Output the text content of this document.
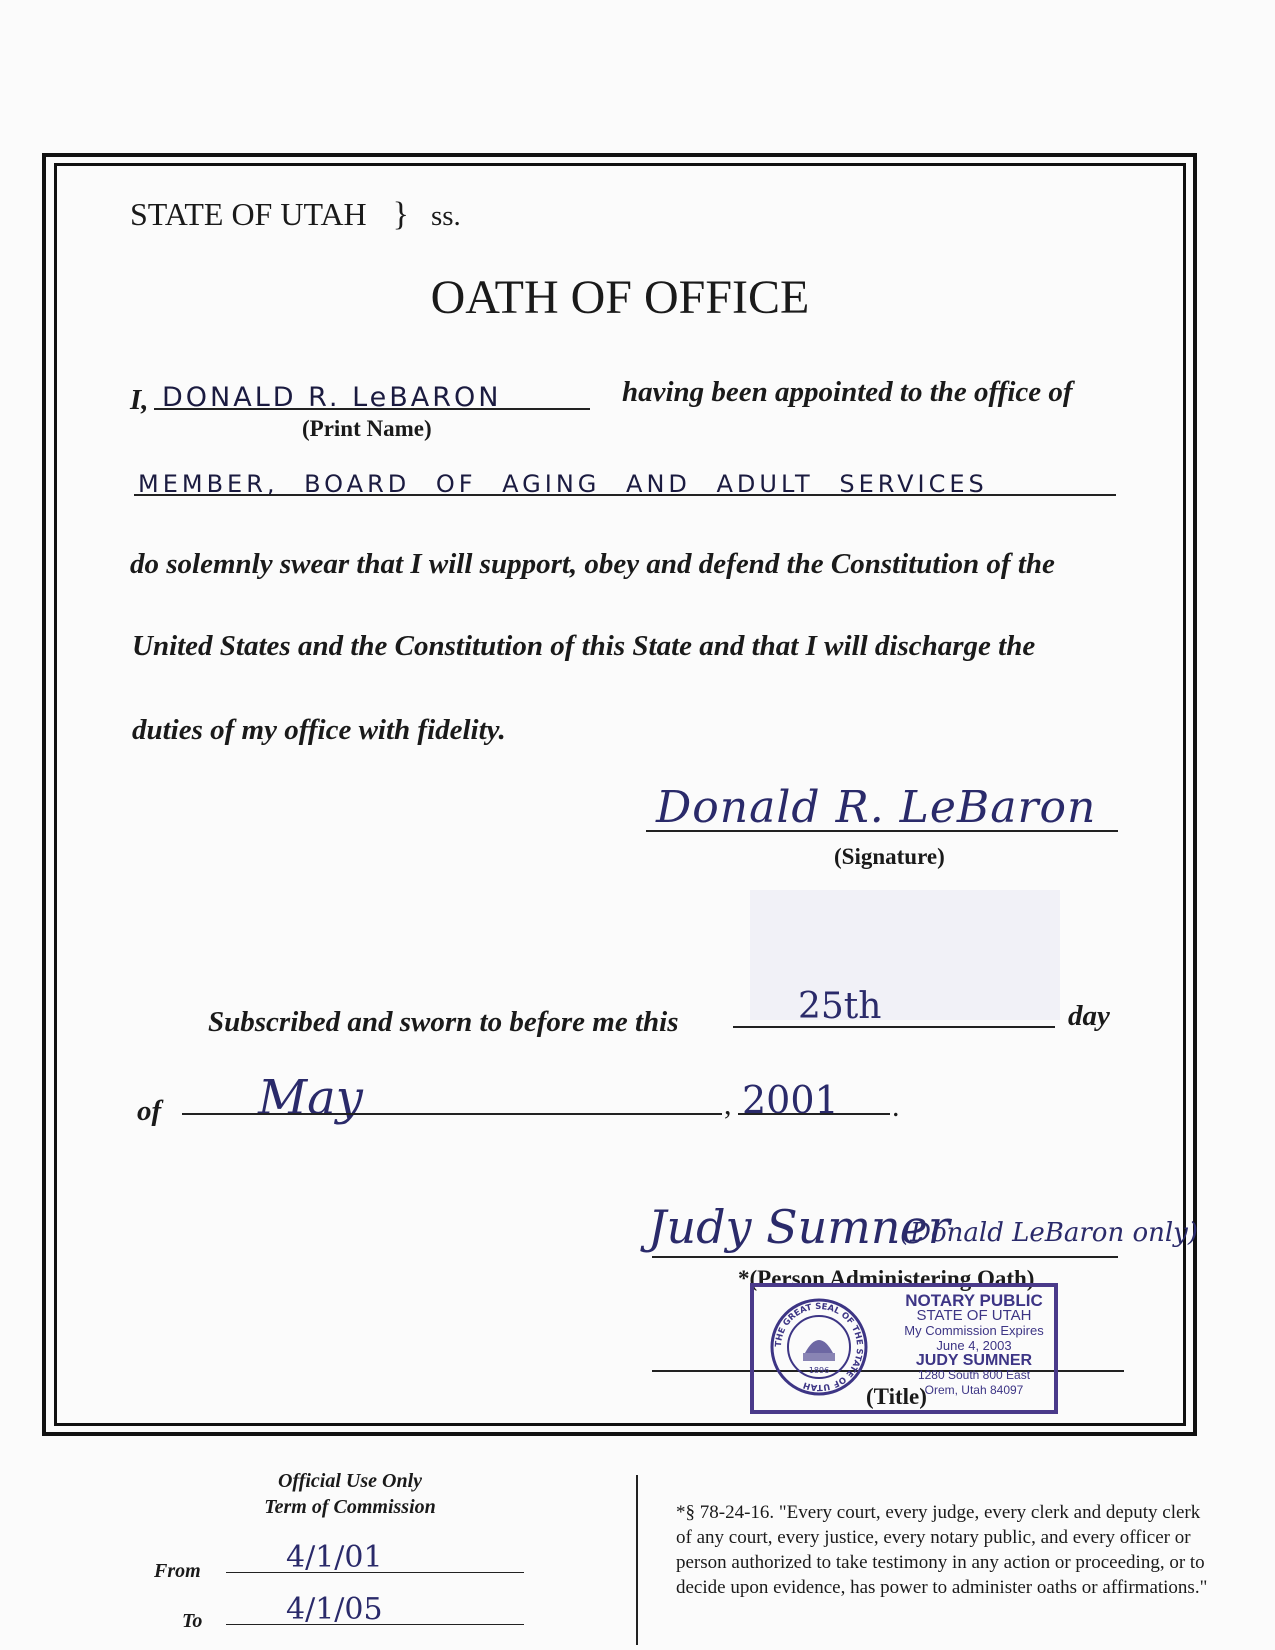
STATE OF UTAH } ss.
OATH OF OFFICE
I, DONALD R. LeBARON
(Print Name)
having been appointed to the office of
MEMBER, BOARD OF AGING AND ADULT SERVICES
do solemnly swear that I will support, obey and defend the Constitution of the
United States and the Constitution of this State and that I will discharge the
duties of my office with fidelity.
Donald R. LeBaron
(Signature)
Subscribed and sworn to before me this	25th	day
of May	, 2001 .
Judy Sumner
(Donald LeBaron only)
*(Person Administering Oath)
(Title)
THE GREAT SEAL OF THE STATE OF UTAH
1896
NOTARY PUBLIC
STATE OF UTAH
My Commission Expires
June 4, 2003
JUDY SUMNER
1280 South 800 East
Orem, Utah 84097
Official Use Only
Term of Commission
From	4/1/01
To	4/1/05
*§ 78-24-16. "Every court, every judge, every clerk and deputy clerk of any court, every justice, every notary public, and every officer or person authorized to take testimony in any action or proceeding, or to decide upon evidence, has power to administer oaths or affirmations."
